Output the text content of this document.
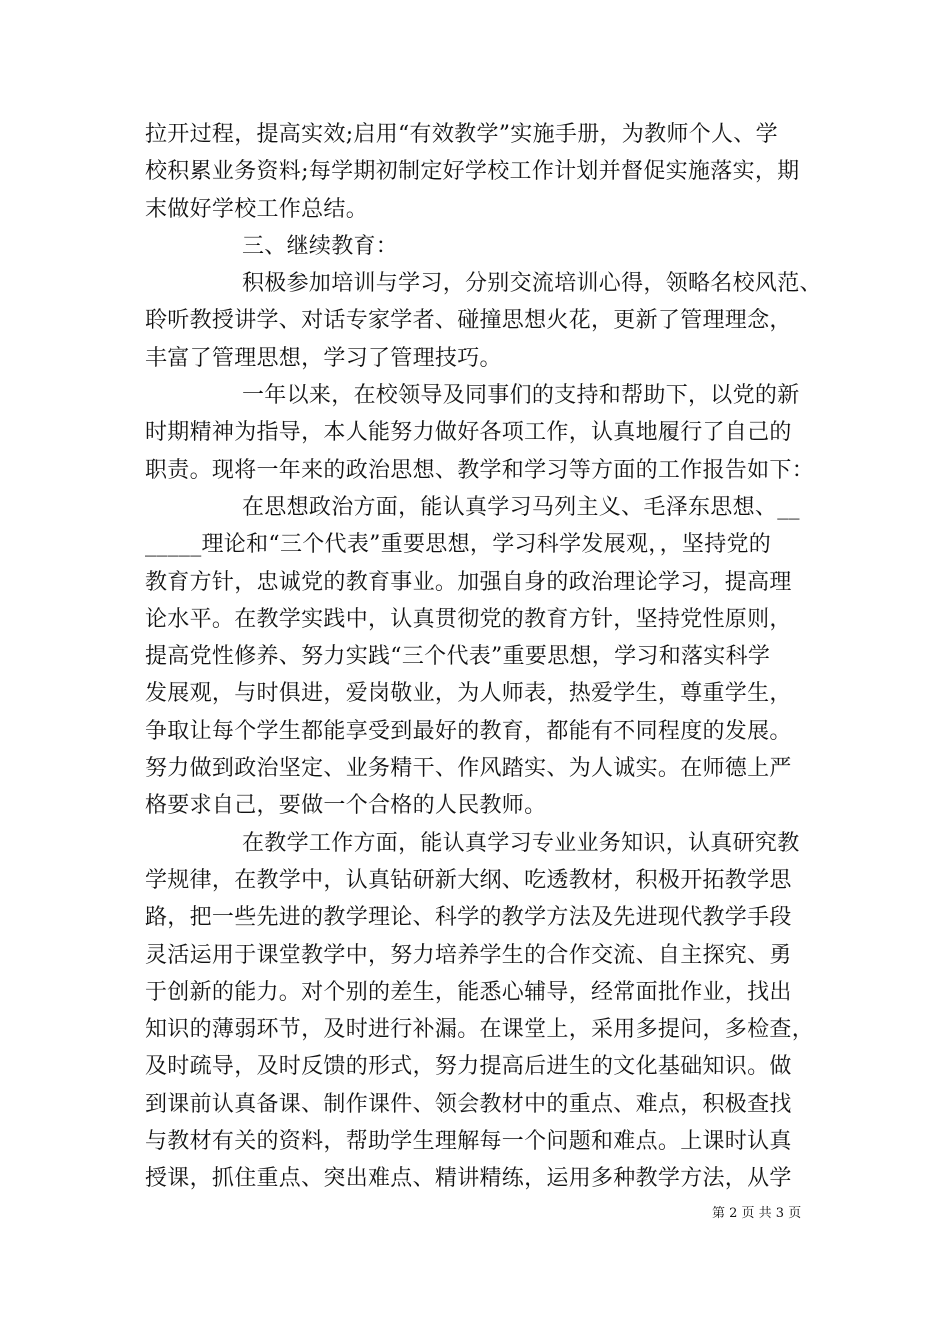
拉开过程，提高实效;启用“有效教学”实施手册，为教师个人、学
校积累业务资料;每学期初制定好学校工作计划并督促实施落实，期
末做好学校工作总结。
三、继续教育：
积极参加培训与学习，分别交流培训心得，领略名校风范、
聆听教授讲学、对话专家学者、碰撞思想火花，更新了管理理念，
丰富了管理思想，学习了管理技巧。
一年以来，在校领导及同事们的支持和帮助下，以党的新
时期精神为指导，本人能努力做好各项工作，认真地履行了自己的
职责。现将一年来的政治思想、教学和学习等方面的工作报告如下：
在思想政治方面，能认真学习马列主义、毛泽东思想、__
_____理论和“三个代表”重要思想，学习科学发展观，，坚持党的
教育方针，忠诚党的教育事业。加强自身的政治理论学习，提高理
论水平。在教学实践中，认真贯彻党的教育方针，坚持党性原则，
提高党性修养、努力实践“三个代表”重要思想，学习和落实科学
发展观，与时俱进，爱岗敬业，为人师表，热爱学生，尊重学生，
争取让每个学生都能享受到最好的教育，都能有不同程度的发展。
努力做到政治坚定、业务精干、作风踏实、为人诚实。在师德上严
格要求自己，要做一个合格的人民教师。
在教学工作方面，能认真学习专业业务知识，认真研究教
学规律，在教学中，认真钻研新大纲、吃透教材，积极开拓教学思
路，把一些先进的教学理论、科学的教学方法及先进现代教学手段
灵活运用于课堂教学中，努力培养学生的合作交流、自主探究、勇
于创新的能力。对个别的差生，能悉心辅导，经常面批作业，找出
知识的薄弱环节，及时进行补漏。在课堂上，采用多提问，多检查，
及时疏导，及时反馈的形式，努力提高后进生的文化基础知识。做
到课前认真备课、制作课件、领会教材中的重点、难点，积极查找
与教材有关的资料，帮助学生理解每一个问题和难点。上课时认真
授课，抓住重点、突出难点、精讲精练，运用多种教学方法，从学
第 2 页 共 3 页
